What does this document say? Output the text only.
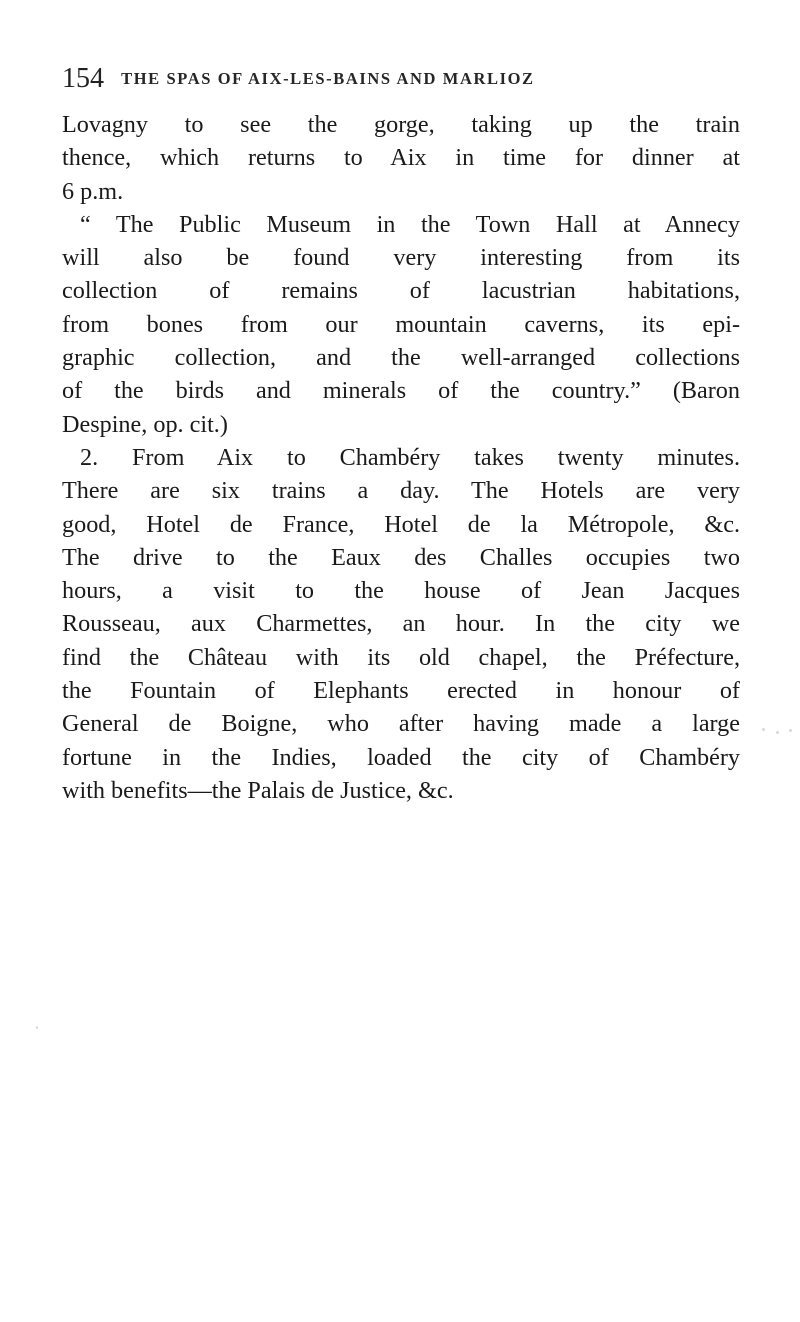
154 THE SPAS OF AIX-LES-BAINS AND MARLIOZ
Lovagny to see the gorge, taking up the train
thence, which returns to Aix in time for dinner at
6 p.m.
“ The Public Museum in the Town Hall at Annecy
will also be found very interesting from its
collection of remains of lacustrian habitations,
from bones from our mountain caverns, its epi-
graphic collection, and the well-arranged collections
of the birds and minerals of the country.” (Baron
Despine, op. cit.)
2. From Aix to Chambéry takes twenty minutes.
There are six trains a day. The Hotels are very
good, Hotel de France, Hotel de la Métropole, &c.
The drive to the Eaux des Challes occupies two
hours, a visit to the house of Jean Jacques
Rousseau, aux Charmettes, an hour. In the city we
find the Château with its old chapel, the Préfecture,
the Fountain of Elephants erected in honour of
General de Boigne, who after having made a large
fortune in the Indies, loaded the city of Chambéry
with benefits—the Palais de Justice, &c.
